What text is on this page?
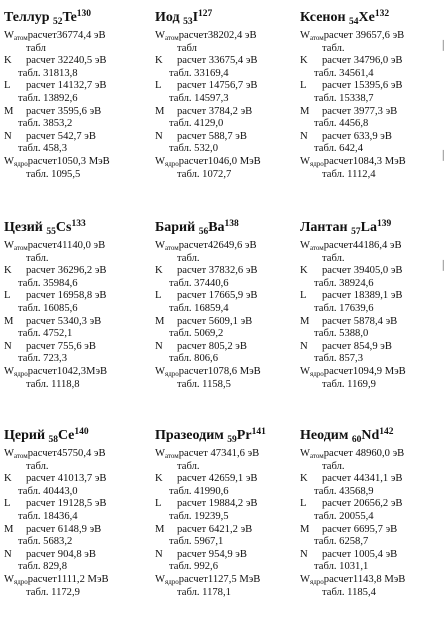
Теллур $_{52}Te^{130}$
$W_{атом}расчет36774,4$ эВ
табл
K расчет 32240,5 эВ
табл. 31813,8
L расчет 14132,7 эВ
табл. 13892,6
M расчет 3595,6 эВ
табл. 3853,2
N расчет 542,7 эВ
табл. 458,3
$W_{ядро}расчет1050,3$ МэВ
табл. 1095,5
Иод $_{53}I^{127}$
$W_{атом}расчет38202,4$ эВ
табл
K расчет 33675,4 эВ
табл. 33169,4
L расчет 14756,7 эВ
табл. 14597,3
M расчет 3784,2 эВ
табл. 4129,0
N расчет 588,7 эВ
табл. 532,0
$W_{ядро}расчет1046,0$ МэВ
табл. 1072,7
Ксенон $_{54}Xe^{132}$
$W_{атом}расчет$ 39657,6 эВ
табл.
K расчет 34796,0 эВ
табл. 34561,4
L расчет 15395,6 эВ
табл. 15338,7
M расчет 3977,3 эВ
табл. 4456,8
N расчет 633,9 эВ
табл. 642,4
$W_{ядро}расчет1084,3$ МэВ
табл. 1112,4
Цезий $_{55}Cs^{133}$
$W_{атом}расчет41140,0$ эВ
табл.
K расчет 36296,2 эВ
табл. 35984,6
L расчет 16958,8 эВ
табл. 16085,6
M расчет 5340,3 эВ
табл. 4752,1
N расчет 755,6 эВ
табл. 723,3
$W_{ядро}расчет1042,3МэВ$
табл. 1118,8
Барий $_{56}Ba^{138}$
$W_{атом}расчет42649,6$ эВ
табл.
K расчет 37832,6 эВ
табл. 37440,6
L расчет 17665,9 эВ
табл. 16859,4
M расчет 5609,1 эВ
табл. 5069,2
N расчет 805,2 эВ
табл. 806,6
$W_{ядро}расчет1078,6$ МэВ
табл. 1158,5
Лантан $_{57}La^{139}$
$W_{атом}расчет44186,4$ эВ
табл.
K расчет 39405,0 эВ
табл. 38924,6
L расчет 18389,1 эВ
табл. 17639,6
M расчет 5878,4 эВ
табл. 5388,0
N расчет 854,9 эВ
табл. 857,3
$W_{ядро}расчет1094,9$ МэВ
табл. 1169,9
Церий $_{58}Ce^{140}$
$W_{атом}расчет45750,4$ эВ
табл.
K расчет 41013,7 эВ
табл. 40443,0
L расчет 19128,5 эВ
табл. 18436,4
M расчет 6148,9 эВ
табл. 5683,2
N расчет 904,8 эВ
табл. 829,8
$W_{ядро}расчет1111,2$ МэВ
табл. 1172,9
Празеодим $_{59}Pr^{141}$
$W_{атом}расчет$ 47341,6 эВ
табл.
K расчет 42659,1 эВ
табл. 41990,6
L расчет 19884,2 эВ
табл. 19239,5
M расчет 6421,2 эВ
табл. 5967,1
N расчет 954,9 эВ
табл. 992,6
$W_{ядро}расчет1127,5$ МэВ
табл. 1178,1
Неодим $_{60}Nd^{142}$
$W_{атом}расчет$ 48960,0 эВ
табл.
K расчет 44341,1 эВ
табл. 43568,9
L расчет 20656,2 эВ
табл. 20055,4
M расчет 6695,7 эВ
табл. 6258,7
N расчет 1005,4 эВ
табл. 1031,1
$W_{ядро}расчет1143,8$ МэВ
табл. 1185,4
│
│
│
